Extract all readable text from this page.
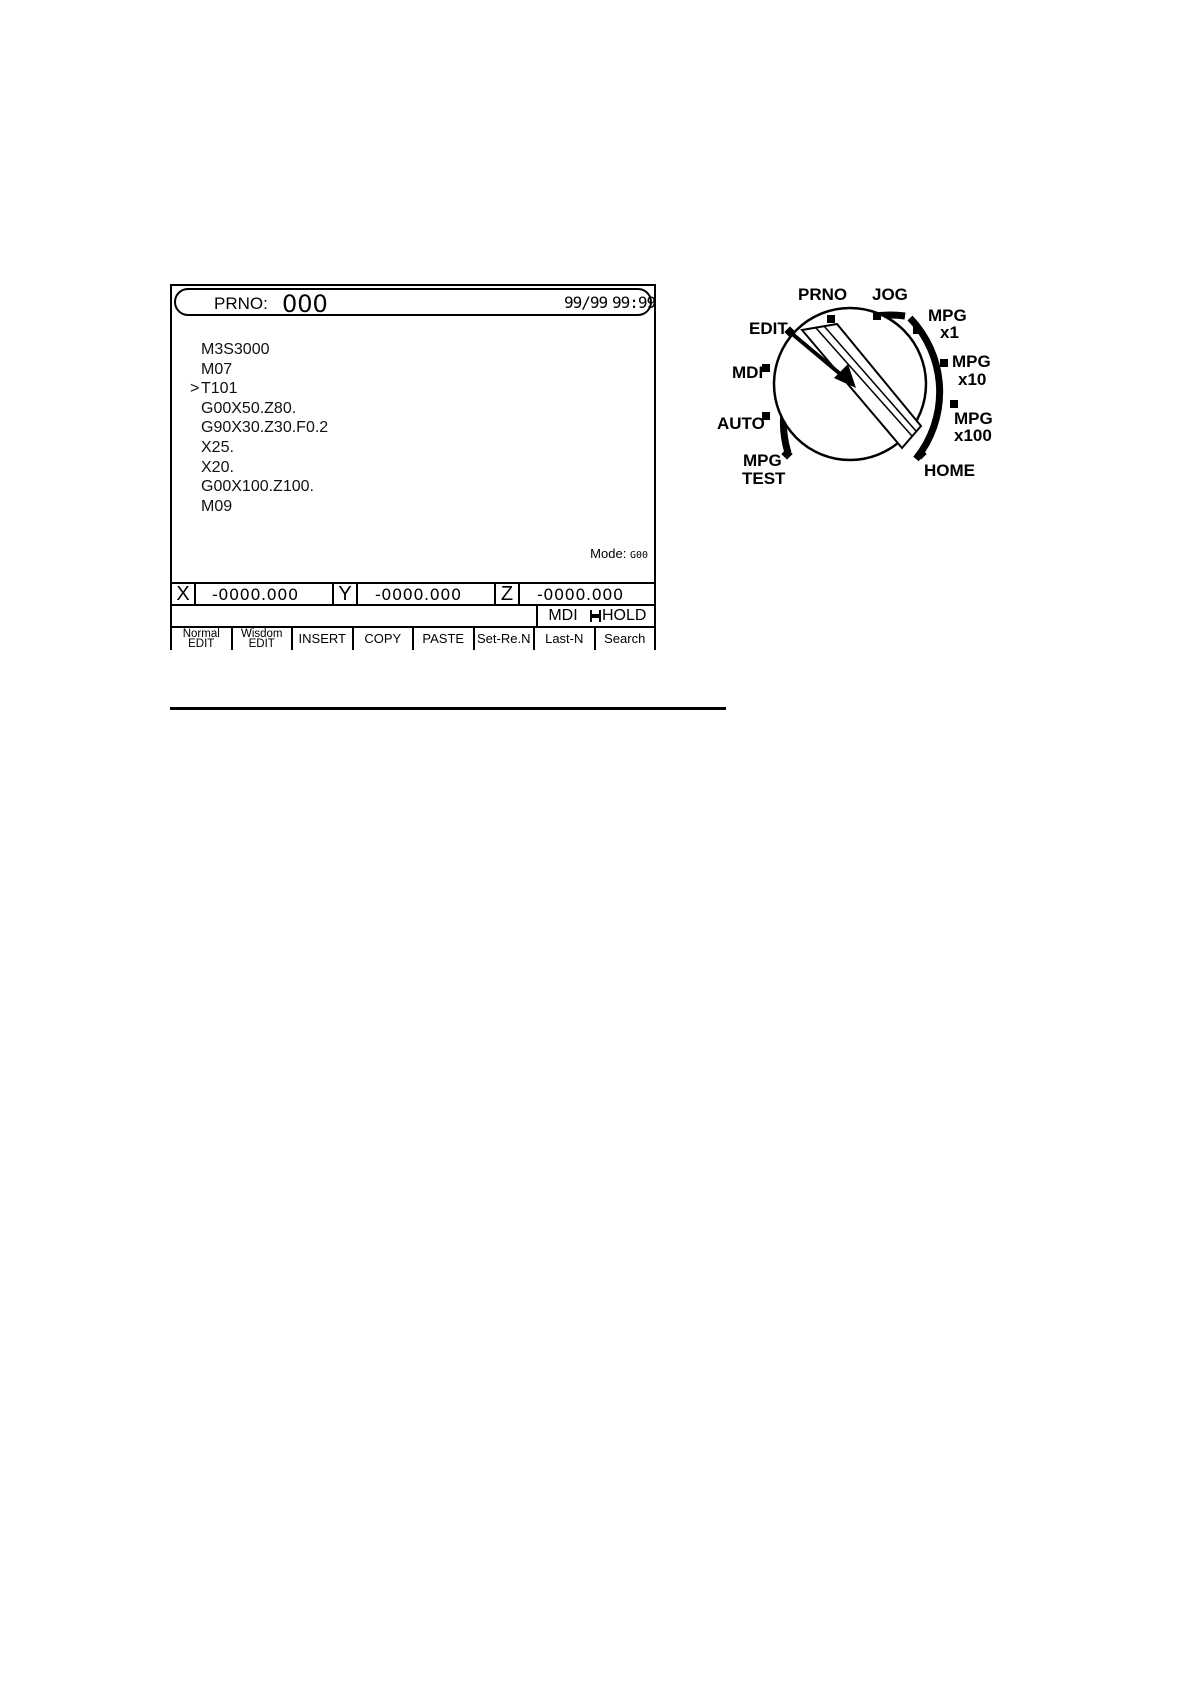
PRNO: 000	99/99 99:99
M3S3000
M07
> T101
G00X50.Z80.
G90X30.Z30.F0.2
X25.
X20.
G00X100.Z100.
M09
Mode: G00
X	-0000.000 Y	-0000.000 Z	-0000.000
MDI	HOLD
Normal
EDIT
Wisdom
EDIT	INSERT	COPY	PASTE Set-Re.N	Last-N	Search
PRNO JOG
EDIT
MDI
AUTO
MPG
TEST
MPG
x1
MPG
x10
MPG
x100
HOME
